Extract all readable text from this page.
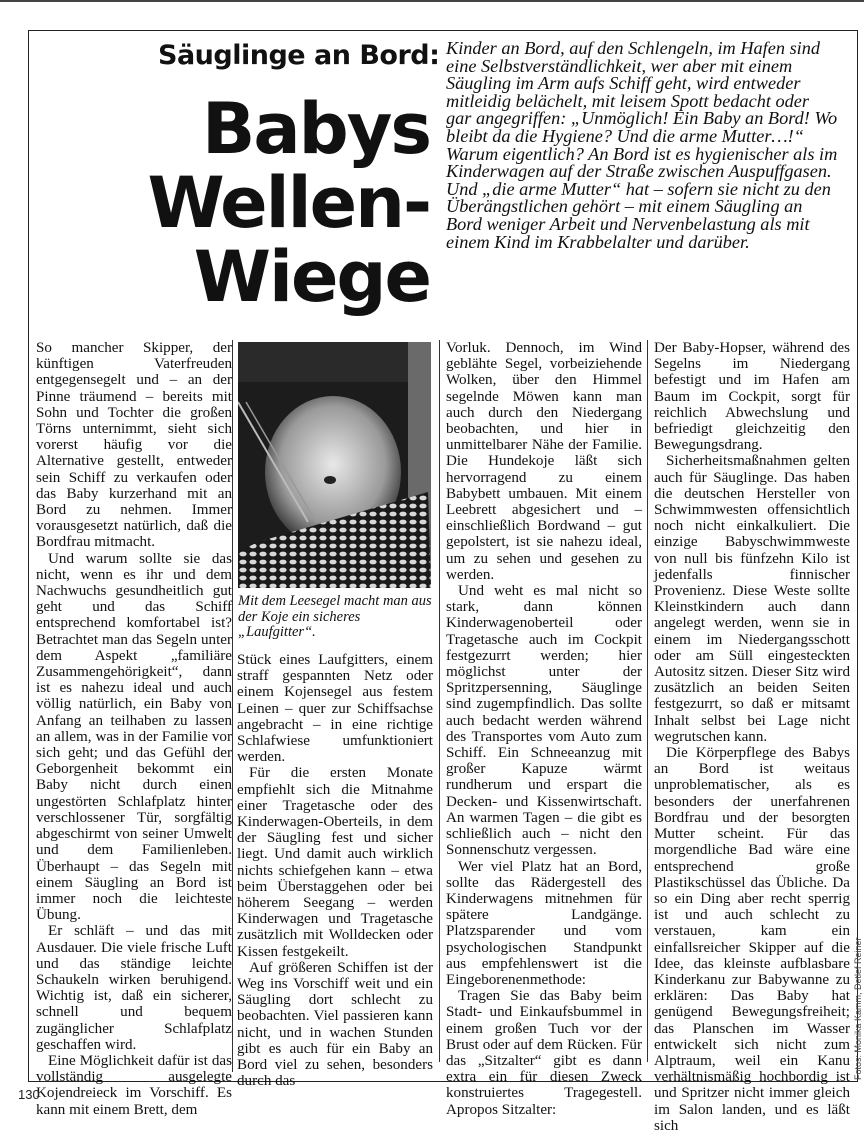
Säuglinge an Bord:
Babys
Wellen-
Wiege

Kinder an Bord, auf den Schlengeln, im Hafen sind eine Selbstverständlichkeit, wer aber mit einem Säugling im Arm aufs Schiff geht, wird entweder mitleidig belächelt, mit leisem Spott bedacht oder gar angegriffen: „Unmöglich! Ein Baby an Bord! Wo bleibt da die Hygiene? Und die arme Mutter…!“ Warum eigentlich? An Bord ist es hygienischer als im Kinderwagen auf der Straße zwischen Auspuffgasen. Und „die arme Mutter“ hat – sofern sie nicht zu den Überängstlichen gehört – mit einem Säugling an Bord weniger Arbeit und Nervenbelastung als mit einem Kind im Krabbelalter und darüber.

So mancher Skipper, der künftigen Vaterfreuden entgegensegelt und – an der Pinne träumend – bereits mit Sohn und Tochter die großen Törns unternimmt, sieht sich vorerst häufig vor die Alternative gestellt, entweder sein Schiff zu verkaufen oder das Baby kurzerhand mit an Bord zu nehmen. Immer vorausgesetzt natürlich, daß die Bordfrau mitmacht.

Und warum sollte sie das nicht, wenn es ihr und dem Nachwuchs gesundheitlich gut geht und das Schiff entsprechend komfortabel ist? Betrachtet man das Segeln unter dem Aspekt „familiäre Zusammengehörigkeit“, dann ist es nahezu ideal und auch völlig natürlich, ein Baby von Anfang an teilhaben zu lassen an allem, was in der Familie vor sich geht; und das Gefühl der Geborgenheit bekommt ein Baby nicht durch einen ungestörten Schlafplatz hinter verschlossener Tür, sorgfältig abgeschirmt von seiner Umwelt und dem Familienleben. Überhaupt – das Segeln mit einem Säugling an Bord ist immer noch die leichteste Übung.

Er schläft – und das mit Ausdauer. Die viele frische Luft und das ständige leichte Schaukeln wirken beruhigend. Wichtig ist, daß ein sicherer, schnell und bequem zugänglicher Schlafplatz geschaffen wird.

Eine Möglichkeit dafür ist das vollständig ausgelegte Kojendreieck im Vorschiff. Es kann mit einem Brett, dem

Mit dem Leesegel macht man aus der Koje ein sicheres „Laufgitter“.

Stück eines Laufgitters, einem straff gespannten Netz oder einem Kojensegel aus festem Leinen – quer zur Schiffsachse angebracht – in eine richtige Schlafwiese umfunktioniert werden.

Für die ersten Monate empfiehlt sich die Mitnahme einer Tragetasche oder des Kinderwagen-Oberteils, in dem der Säugling fest und sicher liegt. Und damit auch wirklich nichts schiefgehen kann – etwa beim Überstaggehen oder bei höherem Seegang – werden Kinderwagen und Tragetasche zusätzlich mit Wolldecken oder Kissen festgekeilt.

Auf größeren Schiffen ist der Weg ins Vorschiff weit und ein Säugling dort schlecht zu beobachten. Viel passieren kann nicht, und in wachen Stunden gibt es auch für ein Baby an Bord viel zu sehen, besonders durch das

Vorluk. Dennoch, im Wind geblähte Segel, vorbeiziehende Wolken, über den Himmel segelnde Möwen kann man auch durch den Niedergang beobachten, und hier in unmittelbarer Nähe der Familie. Die Hundekoje läßt sich hervorragend zu einem Babybett umbauen. Mit einem Leebrett abgesichert und – einschließlich Bordwand – gut gepolstert, ist sie nahezu ideal, um zu sehen und gesehen zu werden.

Und weht es mal nicht so stark, dann können Kinderwagenoberteil oder Tragetasche auch im Cockpit festgezurrt werden; hier möglichst unter der Spritzpersenning, Säuglinge sind zugempfindlich. Das sollte auch bedacht werden während des Transportes vom Auto zum Schiff. Ein Schneeanzug mit großer Kapuze wärmt rundherum und erspart die Decken- und Kissenwirtschaft. An warmen Tagen – die gibt es schließlich auch – nicht den Sonnenschutz vergessen.

Wer viel Platz hat an Bord, sollte das Rädergestell des Kinderwagens mitnehmen für spätere Landgänge. Platzsparender und vom psychologischen Standpunkt aus empfehlenswert ist die Eingeborenenmethode:

Tragen Sie das Baby beim Stadt- und Einkaufsbummel in einem großen Tuch vor der Brust oder auf dem Rücken. Für das „Sitzalter“ gibt es dann extra ein für diesen Zweck konstruiertes Tragegestell. Apropos Sitzalter:

Der Baby-Hopser, während des Segelns im Niedergang befestigt und im Hafen am Baum im Cockpit, sorgt für reichlich Abwechslung und befriedigt gleichzeitig den Bewegungsdrang.

Sicherheitsmaßnahmen gelten auch für Säuglinge. Das haben die deutschen Hersteller von Schwimmwesten offensichtlich noch nicht einkalkuliert. Die einzige Babyschwimmweste von null bis fünfzehn Kilo ist jedenfalls finnischer Provenienz. Diese Weste sollte Kleinstkindern auch dann angelegt werden, wenn sie in einem im Niedergangsschott oder am Süll eingesteckten Autositz sitzen. Dieser Sitz wird zusätzlich an beiden Seiten festgezurrt, so daß er mitsamt Inhalt selbst bei Lage nicht wegrutschen kann.

Die Körperpflege des Babys an Bord ist weitaus unproblematischer, als es besonders der unerfahrenen Bordfrau und der besorgten Mutter scheint. Für das morgendliche Bad wäre eine entsprechend große Plastikschüssel das Übliche. Da so ein Ding aber recht sperrig ist und auch schlecht zu verstauen, kam ein einfallsreicher Skipper auf die Idee, das kleinste aufblasbare Kinderkanu zur Babywanne zu erklären: Das Baby hat genügend Bewegungsfreiheit; das Planschen im Wasser entwickelt sich nicht zum Alptraum, weil ein Kanu verhältnismäßig hochbordig ist und Spritzer nicht immer gleich im Salon landen, und es läßt sich

130
Fotos: Monika Kamm, Detlef Reiner
